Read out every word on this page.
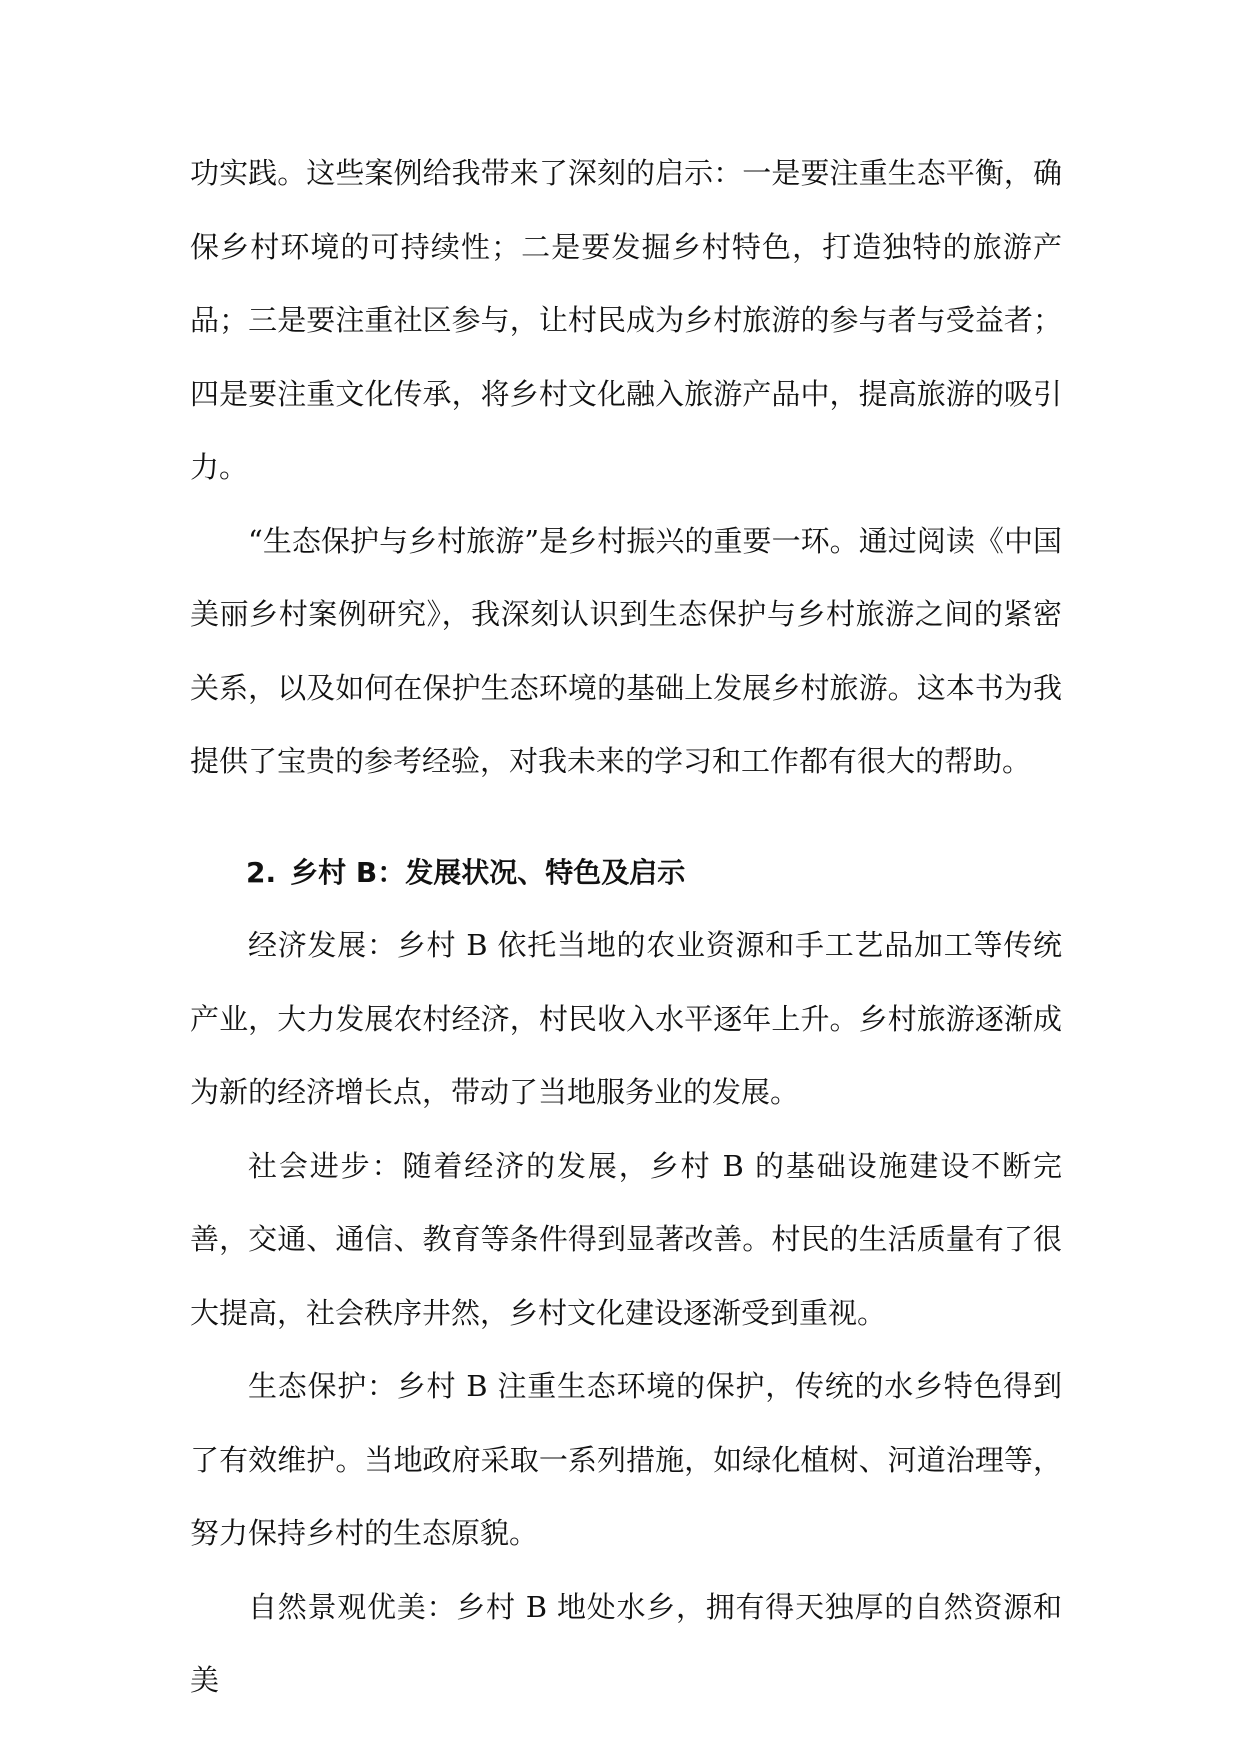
功实践。这些案例给我带来了深刻的启示：一是要注重生态平衡，确保乡村环境的可持续性；二是要发掘乡村特色，打造独特的旅游产品；三是要注重社区参与，让村民成为乡村旅游的参与者与受益者；四是要注重文化传承，将乡村文化融入旅游产品中，提高旅游的吸引力。

“生态保护与乡村旅游”是乡村振兴的重要一环。通过阅读《中国美丽乡村案例研究》，我深刻认识到生态保护与乡村旅游之间的紧密关系，以及如何在保护生态环境的基础上发展乡村旅游。这本书为我提供了宝贵的参考经验，对我未来的学习和工作都有很大的帮助。

2. 乡村 B：发展状况、特色及启示

经济发展：乡村 B 依托当地的农业资源和手工艺品加工等传统产业，大力发展农村经济，村民收入水平逐年上升。乡村旅游逐渐成为新的经济增长点，带动了当地服务业的发展。

社会进步：随着经济的发展，乡村 B 的基础设施建设不断完善，交通、通信、教育等条件得到显著改善。村民的生活质量有了很大提高，社会秩序井然，乡村文化建设逐渐受到重视。

生态保护：乡村 B 注重生态环境的保护，传统的水乡特色得到了有效维护。当地政府采取一系列措施，如绿化植树、河道治理等，努力保持乡村的生态原貌。

自然景观优美：乡村 B 地处水乡，拥有得天独厚的自然资源和美
